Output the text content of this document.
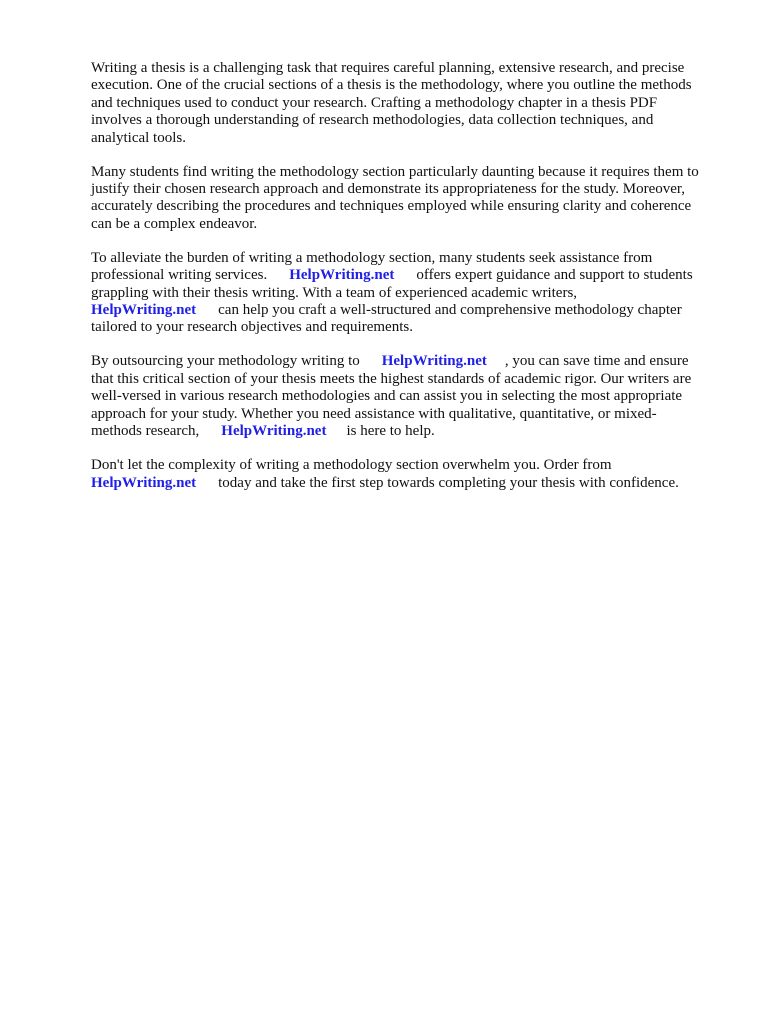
Writing a thesis is a challenging task that requires careful planning, extensive research, and precise
execution. One of the crucial sections of a thesis is the methodology, where you outline the methods
and techniques used to conduct your research. Crafting a methodology chapter in a thesis PDF
involves a thorough understanding of research methodologies, data collection techniques, and
analytical tools.

Many students find writing the methodology section particularly daunting because it requires them to
justify their chosen research approach and demonstrate its appropriateness for the study. Moreover,
accurately describing the procedures and techniques employed while ensuring clarity and coherence
can be a complex endeavor.

To alleviate the burden of writing a methodology section, many students seek assistance from
professional writing services. HelpWriting.net offers expert guidance and support to students
grappling with their thesis writing. With a team of experienced academic writers,
HelpWriting.net can help you craft a well-structured and comprehensive methodology chapter
tailored to your research objectives and requirements.

By outsourcing your methodology writing to HelpWriting.net , you can save time and ensure
that this critical section of your thesis meets the highest standards of academic rigor. Our writers are
well-versed in various research methodologies and can assist you in selecting the most appropriate
approach for your study. Whether you need assistance with qualitative, quantitative, or mixed-
methods research, HelpWriting.net is here to help.

Don't let the complexity of writing a methodology section overwhelm you. Order from
HelpWriting.net today and take the first step towards completing your thesis with confidence.
